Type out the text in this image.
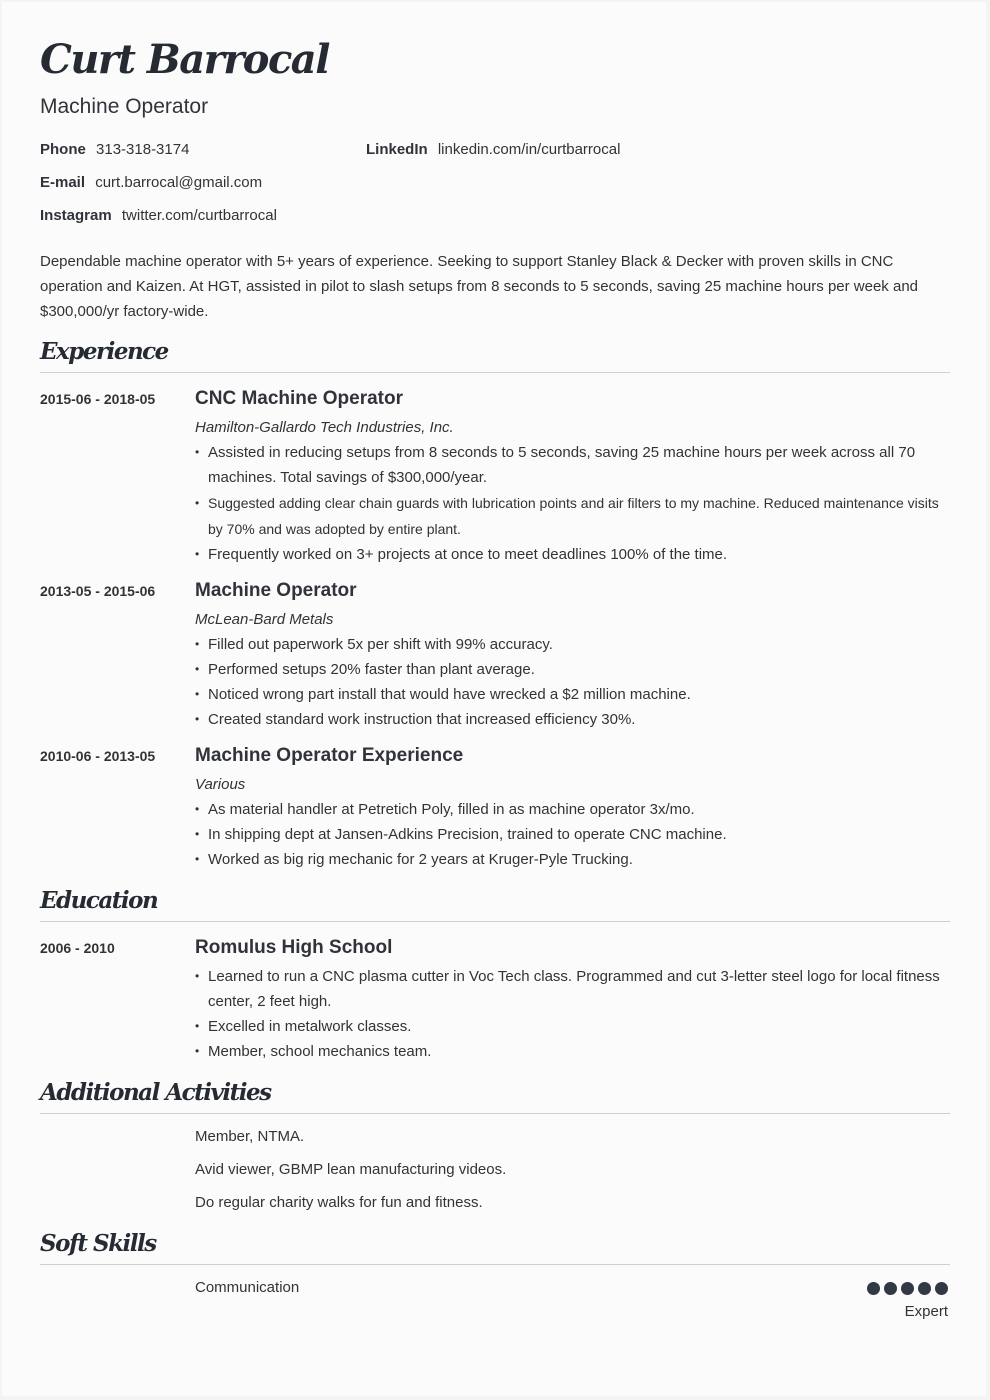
Curt Barrocal
Machine Operator
Phone 313-318-3174	LinkedIn linkedin.com/in/curtbarrocal
E-mail curt.barrocal@gmail.com
Instagram twitter.com/curtbarrocal
Dependable machine operator with 5+ years of experience. Seeking to support Stanley Black & Decker with proven skills in CNC operation and Kaizen. At HGT, assisted in pilot to slash setups from 8 seconds to 5 seconds, saving 25 machine hours per week and $300,000/yr factory-wide.
Experience
2015-06 - 2018-05 CNC Machine Operator
Hamilton-Gallardo Tech Industries, Inc.
• Assisted in reducing setups from 8 seconds to 5 seconds, saving 25 machine hours per week across all 70 machines. Total savings of $300,000/year.
• Suggested adding clear chain guards with lubrication points and air filters to my machine. Reduced maintenance visits by 70% and was adopted by entire plant.
• Frequently worked on 3+ projects at once to meet deadlines 100% of the time.
2013-05 - 2015-06 Machine Operator
McLean-Bard Metals
• Filled out paperwork 5x per shift with 99% accuracy.
• Performed setups 20% faster than plant average.
• Noticed wrong part install that would have wrecked a $2 million machine.
• Created standard work instruction that increased efficiency 30%.
2010-06 - 2013-05 Machine Operator Experience
Various
• As material handler at Petretich Poly, filled in as machine operator 3x/mo.
• In shipping dept at Jansen-Adkins Precision, trained to operate CNC machine.
• Worked as big rig mechanic for 2 years at Kruger-Pyle Trucking.
Education
2006 - 2010	Romulus High School
• Learned to run a CNC plasma cutter in Voc Tech class. Programmed and cut 3-letter steel logo for local fitness center, 2 feet high.
• Excelled in metalwork classes.
• Member, school mechanics team.
Additional Activities
Member, NTMA.
Avid viewer, GBMP lean manufacturing videos.
Do regular charity walks for fun and fitness.
Soft Skills
Communication
Expert
